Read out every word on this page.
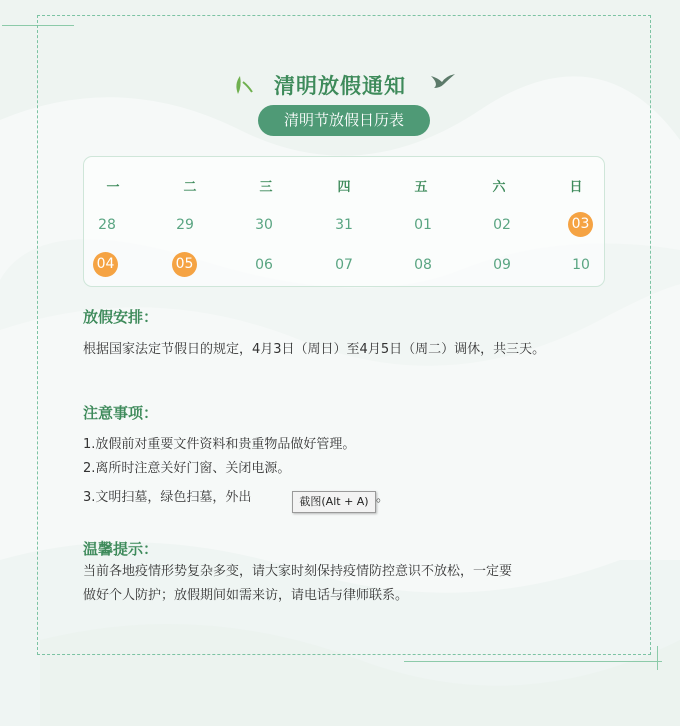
清明放假通知
清明节放假日历表
一	二	三	四	五	六	日
28	29	30	31	01	02	03
04	05	06	07	08	09	10
放假安排：
根据国家法定节假日的规定，4月3日（周日）至4月5日（周二）调休，共三天。
注意事项：
1.放假前对重要文件资料和贵重物品做好管理。
2.离所时注意关好门窗、关闭电源。
3.文明扫墓，绿色扫墓，外出	。
截图(Alt + A)
温馨提示：
当前各地疫情形势复杂多变，请大家时刻保持疫情防控意识不放松，一定要
做好个人防护；放假期间如需来访，请电话与律师联系。
